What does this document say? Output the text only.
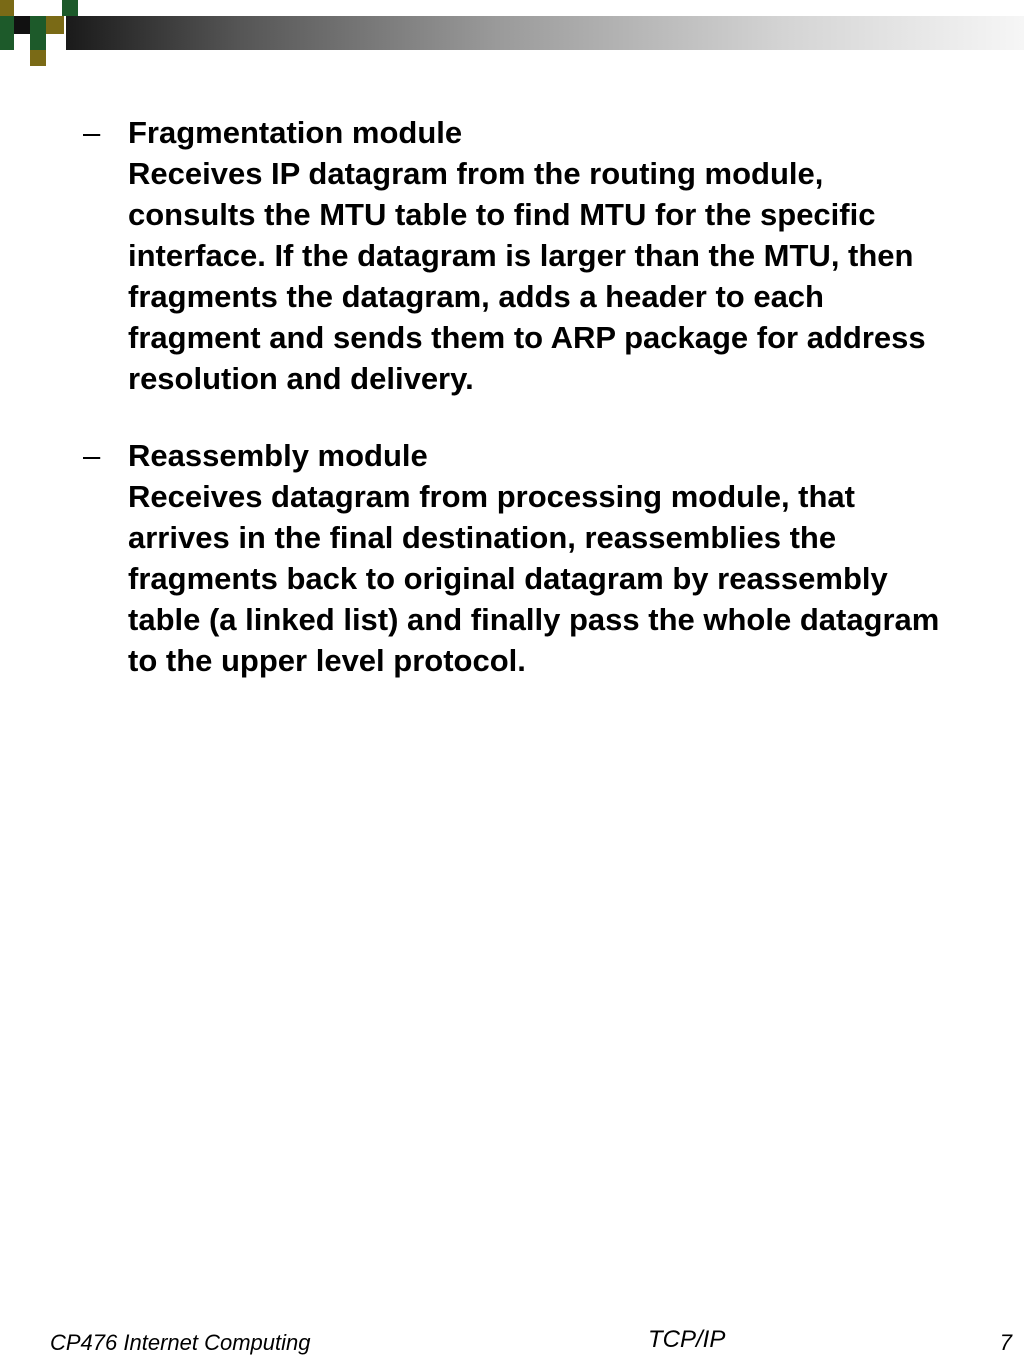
– Fragmentation module
Receives IP datagram from the routing module, consults the MTU table to find MTU for the specific interface. If the datagram is larger than the MTU, then fragments the datagram, adds a header to each fragment and sends them to ARP package for address resolution and delivery.
– Reassembly module
Receives datagram from processing module, that arrives in the final destination, reassemblies the fragments back to original datagram by reassembly table (a linked list) and finally pass the whole datagram to the upper level protocol.
CP476 Internet Computing	TCP/IP	7
